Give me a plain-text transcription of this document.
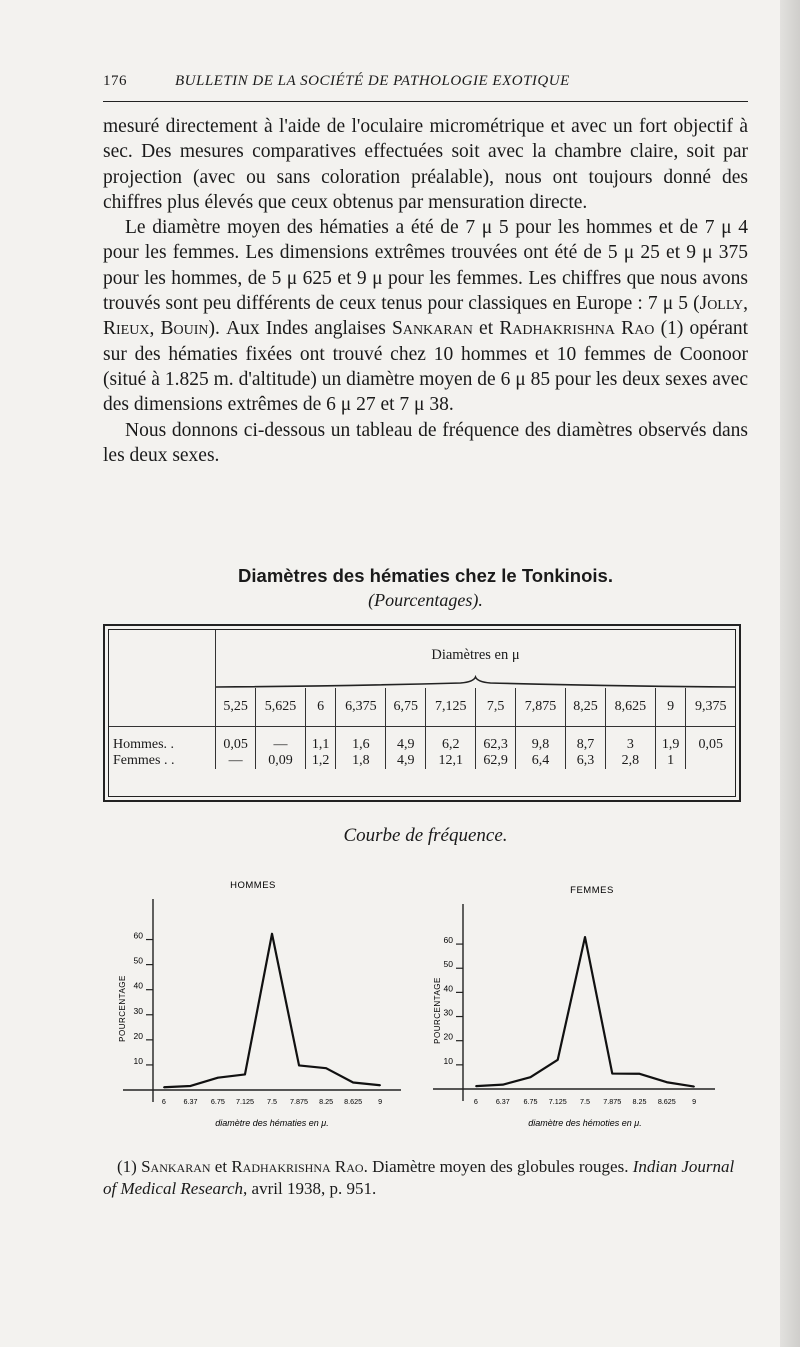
176	BULLETIN DE LA SOCIÉTÉ DE PATHOLOGIE EXOTIQUE

mesuré directement à l'aide de l'oculaire micrométrique et avec un fort objectif à sec. Des mesures comparatives effectuées soit avec la chambre claire, soit par projection (avec ou sans coloration préalable), nous ont toujours donné des chiffres plus élevés que ceux obtenus par mensuration directe.

Le diamètre moyen des hématies a été de 7 μ 5 pour les hommes et de 7 μ 4 pour les femmes. Les dimensions extrêmes trouvées ont été de 5 μ 25 et 9 μ 375 pour les hommes, de 5 μ 625 et 9 μ pour les femmes. Les chiffres que nous avons trouvés sont peu différents de ceux tenus pour classiques en Europe : 7 μ 5 (Jolly, Rieux, Bouin). Aux Indes anglaises Sankaran et Radhakrishna Rao (1) opérant sur des hématies fixées ont trouvé chez 10 hommes et 10 femmes de Coonoor (situé à 1.825 m. d'altitude) un diamètre moyen de 6 μ 85 pour les deux sexes avec des dimensions extrêmes de 6 μ 27 et 7 μ 38.

Nous donnons ci-dessous un tableau de fréquence des diamètres observés dans les deux sexes.

Diamètres des hématies chez le Tonkinois.
(Pourcentages).

	Diamètres en μ											

	5,25	5,625	6	6,375	6,75	7,125	7,5	7,875	8,25	8,625	9	9,375
Hommes. .	0,05	—	1,1	1,6	4,9	6,2	62,3	9,8	8,7	3	1,9	0,05
Femmes . .	—	0,09	1,2	1,8	4,9	12,1	62,9	6,4	6,3	2,8	1	

Courbe de fréquence.
HOMMES
10
20
30
40
50
60
POURCENTAGE
6 6.37 6.75 7.125 7.5 7.875 8.25 8.625 9
diamètre des hématies en μ.
FEMMES
10
20
30
40
50
60
POURCENTAGE
6 6.37 6.75 7.125 7.5 7.875 8.25 8.625 9
diamètre des hémoties en μ.

(1) Sankaran et Radhakrishna Rao. Diamètre moyen des globules rouges. Indian Journal of Medical Research, avril 1938, p. 951.
